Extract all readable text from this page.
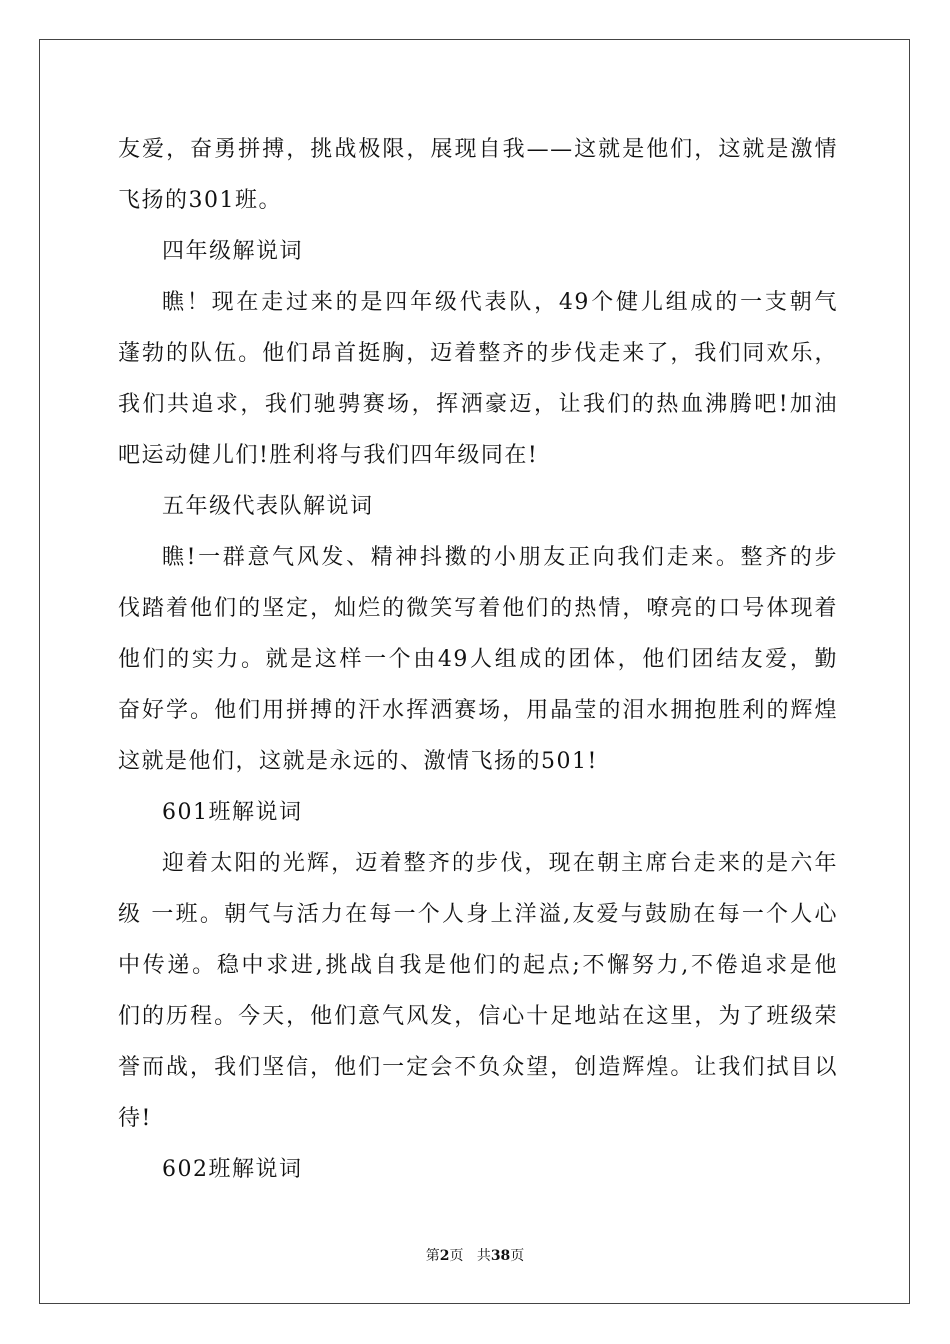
友爱，奋勇拼搏，挑战极限，展现自我——这就是他们，这就是激情
飞扬的301班。
四年级解说词
瞧！现在走过来的是四年级代表队，49个健儿组成的一支朝气
蓬勃的队伍。他们昂首挺胸，迈着整齐的步伐走来了，我们同欢乐，
我们共追求，我们驰骋赛场，挥洒豪迈，让我们的热血沸腾吧!加油
吧运动健儿们!胜利将与我们四年级同在!
五年级代表队解说词
瞧!一群意气风发、精神抖擞的小朋友正向我们走来。整齐的步
伐踏着他们的坚定，灿烂的微笑写着他们的热情，嘹亮的口号体现着
他们的实力。就是这样一个由49人组成的团体，他们团结友爱，勤
奋好学。他们用拼搏的汗水挥洒赛场，用晶莹的泪水拥抱胜利的辉煌
这就是他们，这就是永远的、激情飞扬的501!
601班解说词
迎着太阳的光辉，迈着整齐的步伐，现在朝主席台走来的是六年
级 一班。朝气与活力在每一个人身上洋溢,友爱与鼓励在每一个人心
中传递。稳中求进,挑战自我是他们的起点;不懈努力,不倦追求是他
们的历程。今天，他们意气风发，信心十足地站在这里，为了班级荣
誉而战，我们坚信，他们一定会不负众望，创造辉煌。让我们拭目以
待!
602班解说词
第2页 共38页
